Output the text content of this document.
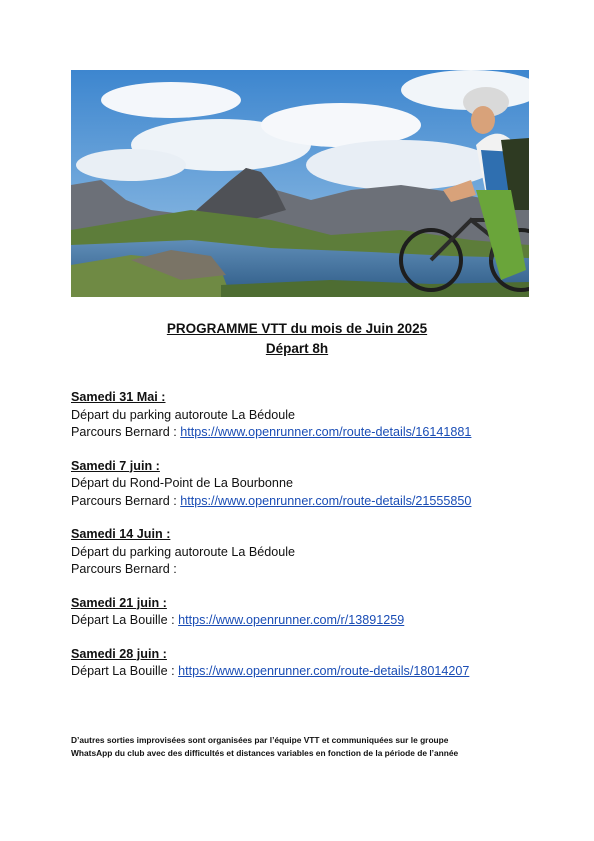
PROGRAMME VTT du mois de Juin 2025
Départ 8h
Samedi 31 Mai :
Départ du parking autoroute La Bédoule
Parcours Bernard : https://www.openrunner.com/route-details/16141881
Samedi 7 juin :
Départ du Rond-Point de La Bourbonne
Parcours Bernard : https://www.openrunner.com/route-details/21555850
Samedi 14 Juin :
Départ du parking autoroute La Bédoule
Parcours Bernard :
Samedi 21 juin :
Départ La Bouille : https://www.openrunner.com/r/13891259
Samedi 28 juin :
Départ La Bouille : https://www.openrunner.com/route-details/18014207
D’autres sorties improvisées sont organisées par l’équipe VTT et communiquées sur le groupe
WhatsApp du club avec des difficultés et distances variables en fonction de la période de l’année
